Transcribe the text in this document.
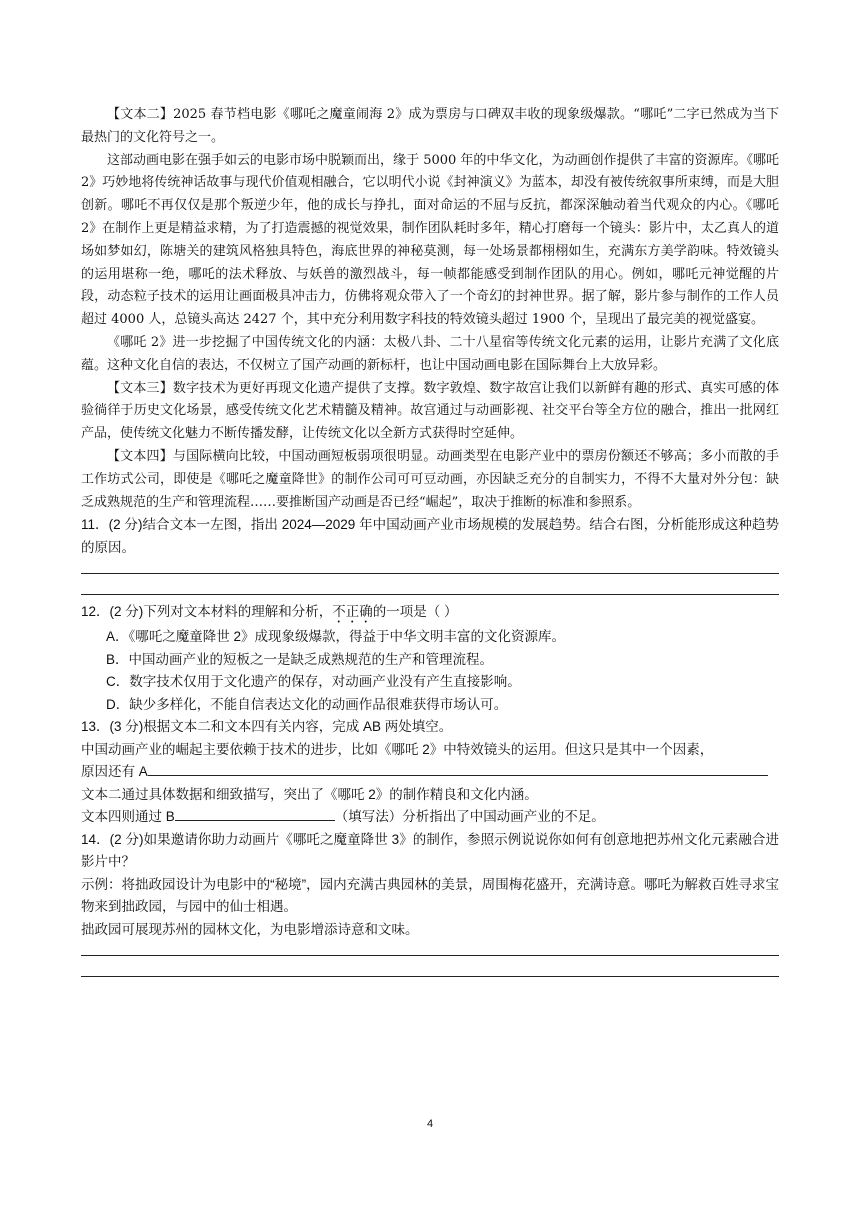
【文本二】2025 春节档电影《哪吒之魔童闹海 2》成为票房与口碑双丰收的现象级爆款。“哪吒”二字已然成为当下最热门的文化符号之一。

这部动画电影在强手如云的电影市场中脱颖而出，缘于 5000 年的中华文化，为动画创作提供了丰富的资源库。《哪吒 2》巧妙地将传统神话故事与现代价值观相融合，它以明代小说《封神演义》为蓝本，却没有被传统叙事所束缚，而是大胆创新。哪吒不再仅仅是那个叛逆少年，他的成长与挣扎，面对命运的不屈与反抗，都深深触动着当代观众的内心。《哪吒 2》在制作上更是精益求精，为了打造震撼的视觉效果，制作团队耗时多年，精心打磨每一个镜头：影片中，太乙真人的道场如梦如幻，陈塘关的建筑风格独具特色，海底世界的神秘莫测，每一处场景都栩栩如生，充满东方美学韵味。特效镜头的运用堪称一绝，哪吒的法术释放、与妖兽的激烈战斗，每一帧都能感受到制作团队的用心。例如，哪吒元神觉醒的片段，动态粒子技术的运用让画面极具冲击力，仿佛将观众带入了一个奇幻的封神世界。据了解，影片参与制作的工作人员超过 4000 人，总镜头高达 2427 个，其中充分利用数字科技的特效镜头超过 1900 个，呈现出了最完美的视觉盛宴。

《哪吒 2》进一步挖掘了中国传统文化的内涵：太极八卦、二十八星宿等传统文化元素的运用，让影片充满了文化底蕴。这种文化自信的表达，不仅树立了国产动画的新标杆，也让中国动画电影在国际舞台上大放异彩。

【文本三】数字技术为更好再现文化遗产提供了支撑。数字敦煌、数字故宫让我们以新鲜有趣的形式、真实可感的体验徜徉于历史文化场景，感受传统文化艺术精髓及精神。故宫通过与动画影视、社交平台等全方位的融合，推出一批网红产品，使传统文化魅力不断传播发酵，让传统文化以全新方式获得时空延伸。

【文本四】与国际横向比较，中国动画短板弱项很明显。动画类型在电影产业中的票房份额还不够高；多小而散的手工作坊式公司，即使是《哪吒之魔童降世》的制作公司可可豆动画，亦因缺乏充分的自制实力，不得不大量对外分包：缺乏成熟规范的生产和管理流程……要推断国产动画是否已经“崛起”，取决于推断的标准和参照系。

11．(2 分)结合文本一左图，指出 2024—2029 年中国动画产业市场规模的发展趋势。结合右图，分析能形成这种趋势的原因。

12．(2 分)下列对文本材料的理解和分析，不正确的一项是（ ）

A．《哪吒之魔童降世 2》成现象级爆款，得益于中华文明丰富的文化资源库。

B．中国动画产业的短板之一是缺乏成熟规范的生产和管理流程。

C．数字技术仅用于文化遗产的保存，对动画产业没有产生直接影响。

D．缺少多样化，不能自信表达文化的动画作品很难获得市场认可。

13．(3 分)根据文本二和文本四有关内容，完成 AB 两处填空。

中国动画产业的崛起主要依赖于技术的进步，比如《哪吒 2》中特效镜头的运用。但这只是其中一个因素，

原因还有 A

文本二通过具体数据和细致描写，突出了《哪吒 2》的制作精良和文化内涵。

文本四则通过 B	（填写法）分析指出了中国动画产业的不足。

14．(2 分)如果邀请你助力动画片《哪吒之魔童降世 3》的制作，参照示例说说你如何有创意地把苏州文化元素融合进影片中？

示例：将拙政园设计为电影中的“秘境”，园内充满古典园林的美景，周围梅花盛开，充满诗意。哪吒为解救百姓寻求宝物来到拙政园，与园中的仙士相遇。

拙政园可展现苏州的园林文化，为电影增添诗意和文味。

4
